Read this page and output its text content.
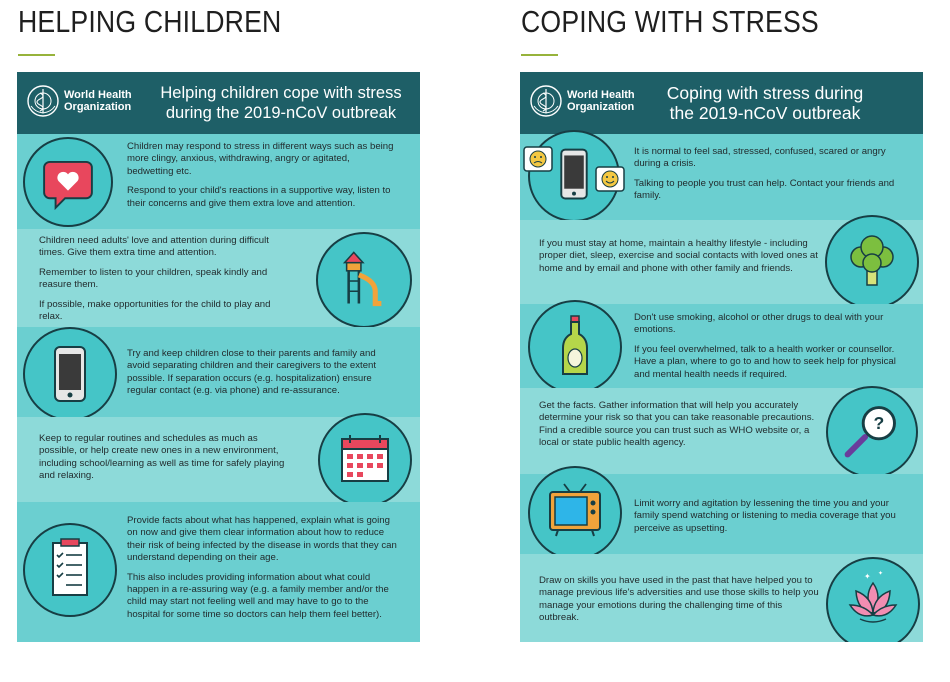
HELPING CHILDREN	COPING WITH STRESS
World Health
Organization
Helping children cope with stress
during the 2019-nCoV outbreak

Children may respond to stress in different ways such as being more clingy, anxious, withdrawing, angry or agitated, bedwetting etc.

Respond to your child's reactions in a supportive way, listen to their concerns and give them extra love and attention.

Children need adults' love and attention during difficult times. Give them extra time and attention.

Remember to listen to your children, speak kindly and reasure them.

If possible, make opportunities for the child to play and relax.

Try and keep children close to their parents and family and avoid separating children and their caregivers to the extent possible. If separation occurs (e.g. hospitalization) ensure regular contact (e.g. via phone) and re-assurance.

Keep to regular routines and schedules as much as possible, or help create new ones in a new environment, including school/learning as well as time for safely playing and relaxing.

Provide facts about what has happened, explain what is going on now and give them clear information about how to reduce their risk of being infected by the disease in words that they can understand depending on their age.

This also includes providing information about what could happen in a re-assuring way (e.g. a family member and/or the child may start not feeling well and may have to go to the hospital for some time so doctors can help them feel better).

World Health
Organization
Coping with stress during
the 2019-nCoV outbreak

It is normal to feel sad, stressed, confused, scared or angry during a crisis.

Talking to people you trust can help. Contact your friends and family.

If you must stay at home, maintain a healthy lifestyle - including proper diet, sleep, exercise and social contacts with loved ones at home and by email and phone with other family and friends.

Don't use smoking, alcohol or other drugs to deal with your emotions.

If you feel overwhelmed, talk to a health worker or counsellor. Have a plan, where to go to and how to seek help for physical and mental health needs if required.

Get the facts. Gather information that will help you accurately determine your risk so that you can take reasonable precautions. Find a credible source you can trust such as WHO website or, a local or state public health agency.

?

Limit worry and agitation by lessening the time you and your family spend watching or listening to media coverage that you perceive as upsetting.

Draw on skills you have used in the past that have helped you to manage previous life's adversities and use those skills to help you manage your emotions during the challenging time of this outbreak.

✦ ✦
